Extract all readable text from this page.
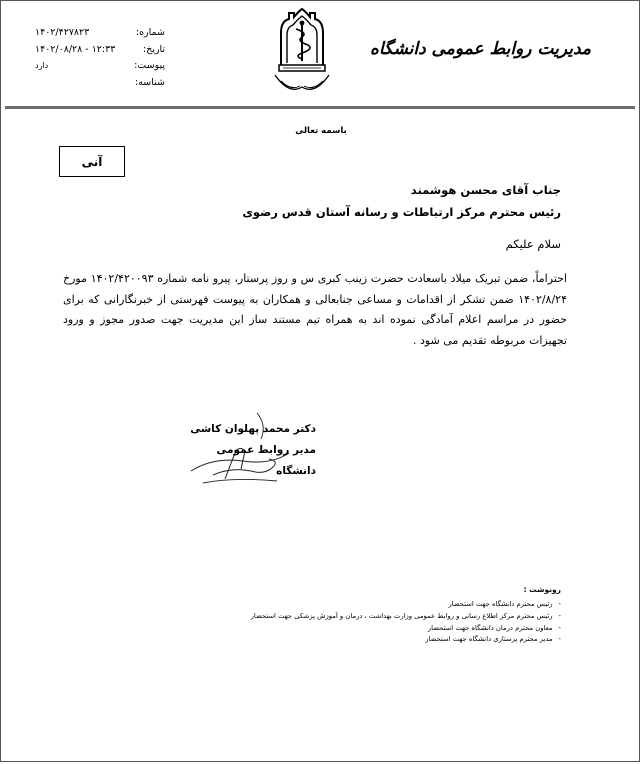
شماره:
۱۴۰۲/۴۲۷۸۲۳
تاریخ:
۱۴۰۲/۰۸/۲۸ - ۱۲:۳۳
پیوست:
دارد
شناسه:
مدیریت روابط عمومی دانشگاه
باسمه تعالی
آنی
جناب آقای محسن هوشمند
رئیس محترم مرکز ارتباطات و رسانه آستان قدس رضوی
سلام علیکم
احتراماً، ضمن تبریک میلاد باسعادت حضرت زینب کبری س و روز پرستار، پیرو نامه شماره ۱۴۰۲/۴۲۰۰۹۳ مورخ ۱۴۰۲/۸/۲۴ ضمن تشکر از اقدامات و مساعی جنابعالی و همکاران به پیوست فهرستی از خبرنگارانی که برای حضور در مراسم اعلام آمادگی نموده اند به همراه تیم مستند ساز این مدیریت جهت صدور مجوز و ورود تجهیزات مربوطه تقدیم می شود .
دکتر محمد پهلوان کاشی
مدیر روابط عمومی دانشگاه
رونوشت :
- رئیس محترم دانشگاه جهت استحضار
- رئیس محترم مرکز اطلاع رسانی و روابط عمومی وزارت بهداشت ، درمان و آموزش پزشکی جهت استحضار
- معاون محترم درمان دانشگاه جهت استحضار
- مدیر محترم پرستاری دانشگاه جهت استحضار
